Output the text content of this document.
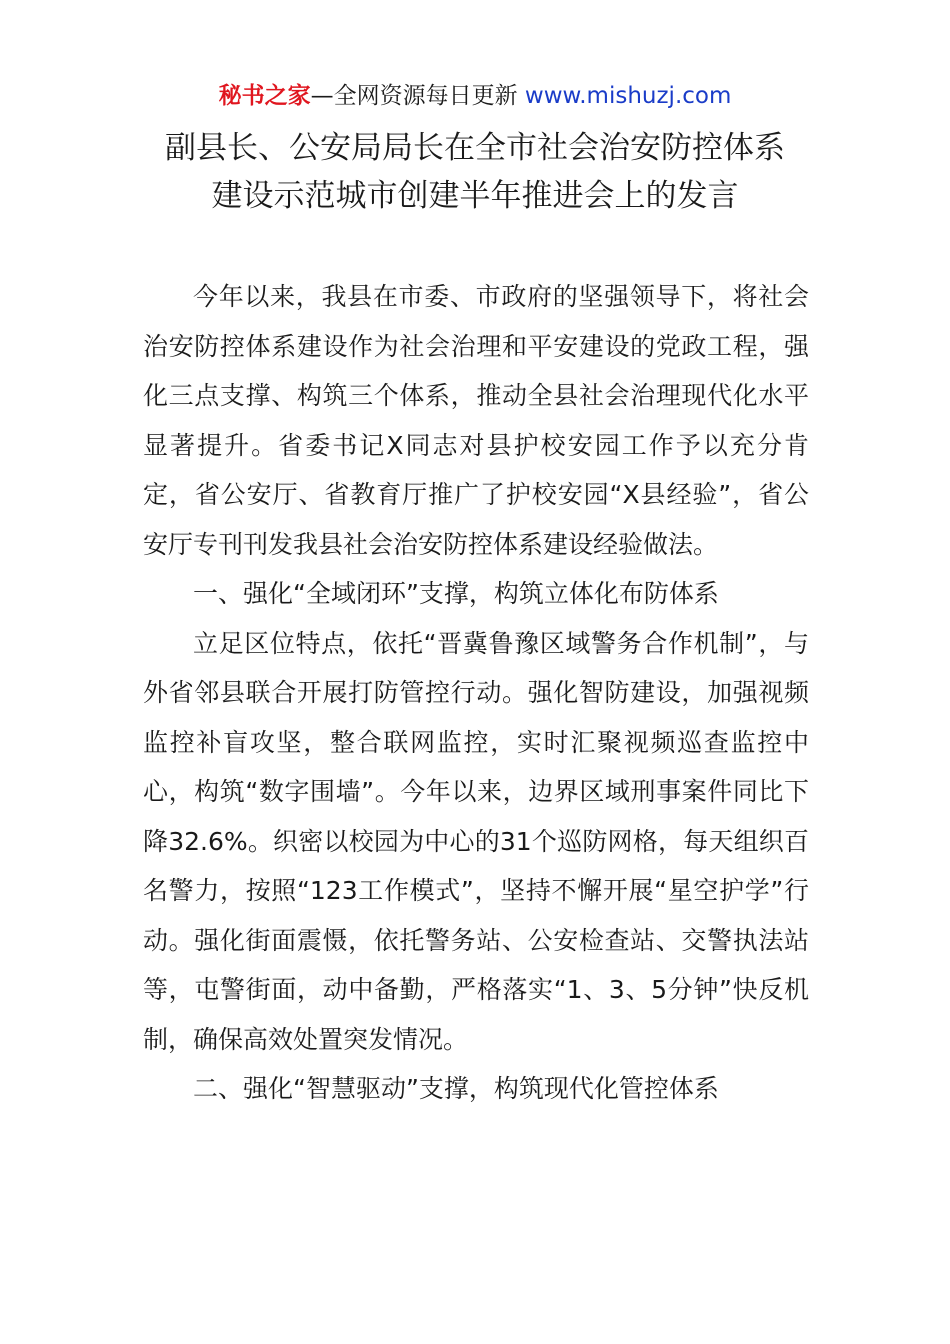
秘书之家—全网资源每日更新 www.mishuzj.com
副县长、公安局局长在全市社会治安防控体系
建设示范城市创建半年推进会上的发言

今年以来，我县在市委、市政府的坚强领导下，将社会治安防控体系建设作为社会治理和平安建设的党政工程，强化三点支撑、构筑三个体系，推动全县社会治理现代化水平显著提升。省委书记X同志对县护校安园工作予以充分肯定，省公安厅、省教育厅推广了护校安园“X县经验”，省公安厅专刊刊发我县社会治安防控体系建设经验做法。

一、强化“全域闭环”支撑，构筑立体化布防体系

立足区位特点，依托“晋冀鲁豫区域警务合作机制”，与外省邻县联合开展打防管控行动。强化智防建设，加强视频监控补盲攻坚，整合联网监控，实时汇聚视频巡查监控中心，构筑“数字围墙”。今年以来，边界区域刑事案件同比下降32.6%。织密以校园为中心的31个巡防网格，每天组织百名警力，按照“123工作模式”，坚持不懈开展“星空护学”行动。强化街面震慑，依托警务站、公安检查站、交警执法站等，屯警街面，动中备勤，严格落实“1、3、5分钟”快反机制，确保高效处置突发情况。

二、强化“智慧驱动”支撑，构筑现代化管控体系
